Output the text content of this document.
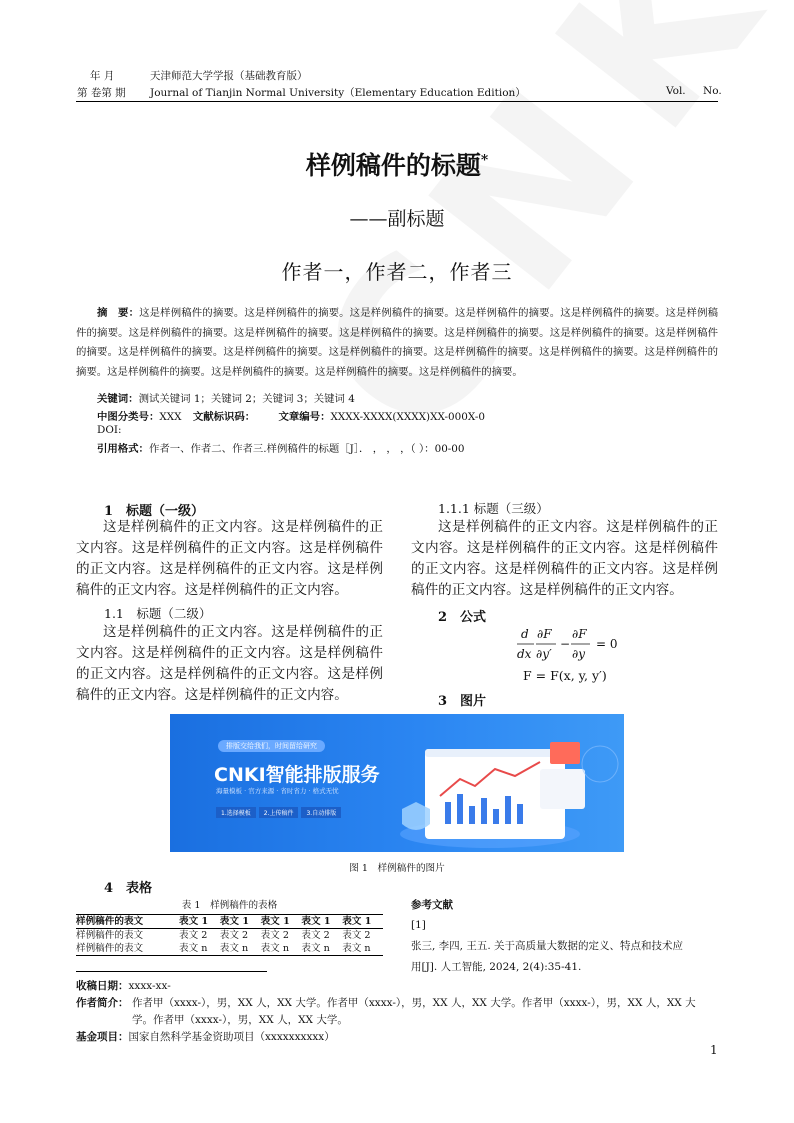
年 月	天津师范大学学报（基础教育版）
第 卷第 期 Journal of Tianjin Normal University（Elementary Education Edition）	Vol. No.
样例稿件的标题*
——副标题
作者一，作者二，作者三
摘　要：这是样例稿件的摘要。这是样例稿件的摘要。这是样例稿件的摘要。这是样例稿件的摘要。这是样例稿件的摘要。这是样例稿件的摘要。这是样例稿件的摘要。这是样例稿件的摘要。这是样例稿件的摘要。这是样例稿件的摘要。这是样例稿件的摘要。这是样例稿件的摘要。这是样例稿件的摘要。这是样例稿件的摘要。这是样例稿件的摘要。这是样例稿件的摘要。这是样例稿件的摘要。这是样例稿件的摘要。这是样例稿件的摘要。这是样例稿件的摘要。这是样例稿件的摘要。这是样例稿件的摘要。
关键词：测试关键词 1；关键词 2；关键词 3；关键词 4
中图分类号：XXX 文献标识码： 文章编号：XXXX-XXXX(XXXX)XX-000X-0
DOI:
引用格式：作者一、作者二、作者三.样例稿件的标题［J］． ， ， ，（ ）：00-00
1　标题（一级）
这是样例稿件的正文内容。这是样例稿件的正文内容。这是样例稿件的正文内容。这是样例稿件的正文内容。这是样例稿件的正文内容。这是样例稿件的正文内容。这是样例稿件的正文内容。
1.1　标题（二级）
这是样例稿件的正文内容。这是样例稿件的正文内容。这是样例稿件的正文内容。这是样例稿件的正文内容。这是样例稿件的正文内容。这是样例稿件的正文内容。这是样例稿件的正文内容。
1.1.1 标题（三级）
这是样例稿件的正文内容。这是样例稿件的正文内容。这是样例稿件的正文内容。这是样例稿件的正文内容。这是样例稿件的正文内容。这是样例稿件的正文内容。这是样例稿件的正文内容。
2　公式
d
dx
∂F
∂y′
−
∂F
∂y
= 0
F = F(x, y, y′)
3　图片
排版交给我们，时间留给研究
CNKI智能排版服务
海量模板 · 官方来源 · 省时省力 · 格式无忧
1.选择模板	2.上传稿件	3.自动排版
图 1　样例稿件的图片
4　表格
表 1　样例稿件的表格
样例稿件的表文	表文 1	表文 1	表文 1	表文 1	表文 1
样例稿件的表文	表文 2	表文 2	表文 2	表文 2	表文 2
样例稿件的表文	表文 n	表文 n	表文 n	表文 n	表文 n
参考文献
[1] 张三, 李四, 王五. 关于高质量大数据的定义、特点和技术应用[J]. 人工智能, 2024, 2(4):35-41.
收稿日期：xxxx-xx-
作者简介： 作者甲（xxxx-），男，XX 人，XX 大学。作者甲（xxxx-），男，XX 人，XX 大学。作者甲（xxxx-），男，XX 人，XX 大学。作者甲（xxxx-），男，XX 人，XX 大学。
基金项目：国家自然科学基金资助项目（xxxxxxxxxx）
1
